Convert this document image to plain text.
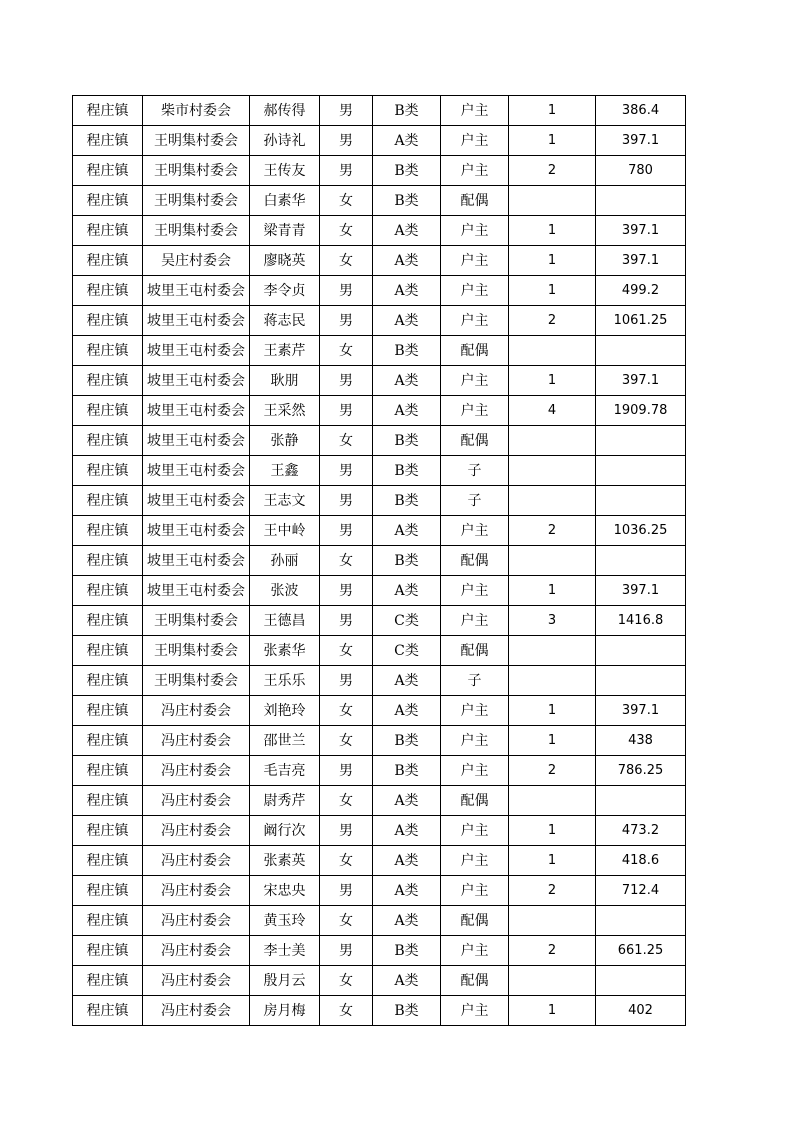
程庄镇	柴市村委会	郝传得	男	B类	户主	1	386.4
程庄镇	王明集村委会	孙诗礼	男	A类	户主	1	397.1
程庄镇	王明集村委会	王传友	男	B类	户主	2	780
程庄镇	王明集村委会	白素华	女	B类	配偶		
程庄镇	王明集村委会	梁青青	女	A类	户主	1	397.1
程庄镇	吴庄村委会	廖晓英	女	A类	户主	1	397.1
程庄镇	坡里王屯村委会	李令贞	男	A类	户主	1	499.2
程庄镇	坡里王屯村委会	蒋志民	男	A类	户主	2	1061.25
程庄镇	坡里王屯村委会	王素芹	女	B类	配偶		
程庄镇	坡里王屯村委会	耿朋	男	A类	户主	1	397.1
程庄镇	坡里王屯村委会	王采然	男	A类	户主	4	1909.78
程庄镇	坡里王屯村委会	张静	女	B类	配偶		
程庄镇	坡里王屯村委会	王鑫	男	B类	子		
程庄镇	坡里王屯村委会	王志文	男	B类	子		
程庄镇	坡里王屯村委会	王中岭	男	A类	户主	2	1036.25
程庄镇	坡里王屯村委会	孙丽	女	B类	配偶		
程庄镇	坡里王屯村委会	张波	男	A类	户主	1	397.1
程庄镇	王明集村委会	王德昌	男	C类	户主	3	1416.8
程庄镇	王明集村委会	张素华	女	C类	配偶		
程庄镇	王明集村委会	王乐乐	男	A类	子		
程庄镇	冯庄村委会	刘艳玲	女	A类	户主	1	397.1
程庄镇	冯庄村委会	邵世兰	女	B类	户主	1	438
程庄镇	冯庄村委会	毛吉亮	男	B类	户主	2	786.25
程庄镇	冯庄村委会	尉秀芹	女	A类	配偶		
程庄镇	冯庄村委会	阚行次	男	A类	户主	1	473.2
程庄镇	冯庄村委会	张素英	女	A类	户主	1	418.6
程庄镇	冯庄村委会	宋忠央	男	A类	户主	2	712.4
程庄镇	冯庄村委会	黄玉玲	女	A类	配偶		
程庄镇	冯庄村委会	李士美	男	B类	户主	2	661.25
程庄镇	冯庄村委会	殷月云	女	A类	配偶		
程庄镇	冯庄村委会	房月梅	女	B类	户主	1	402
